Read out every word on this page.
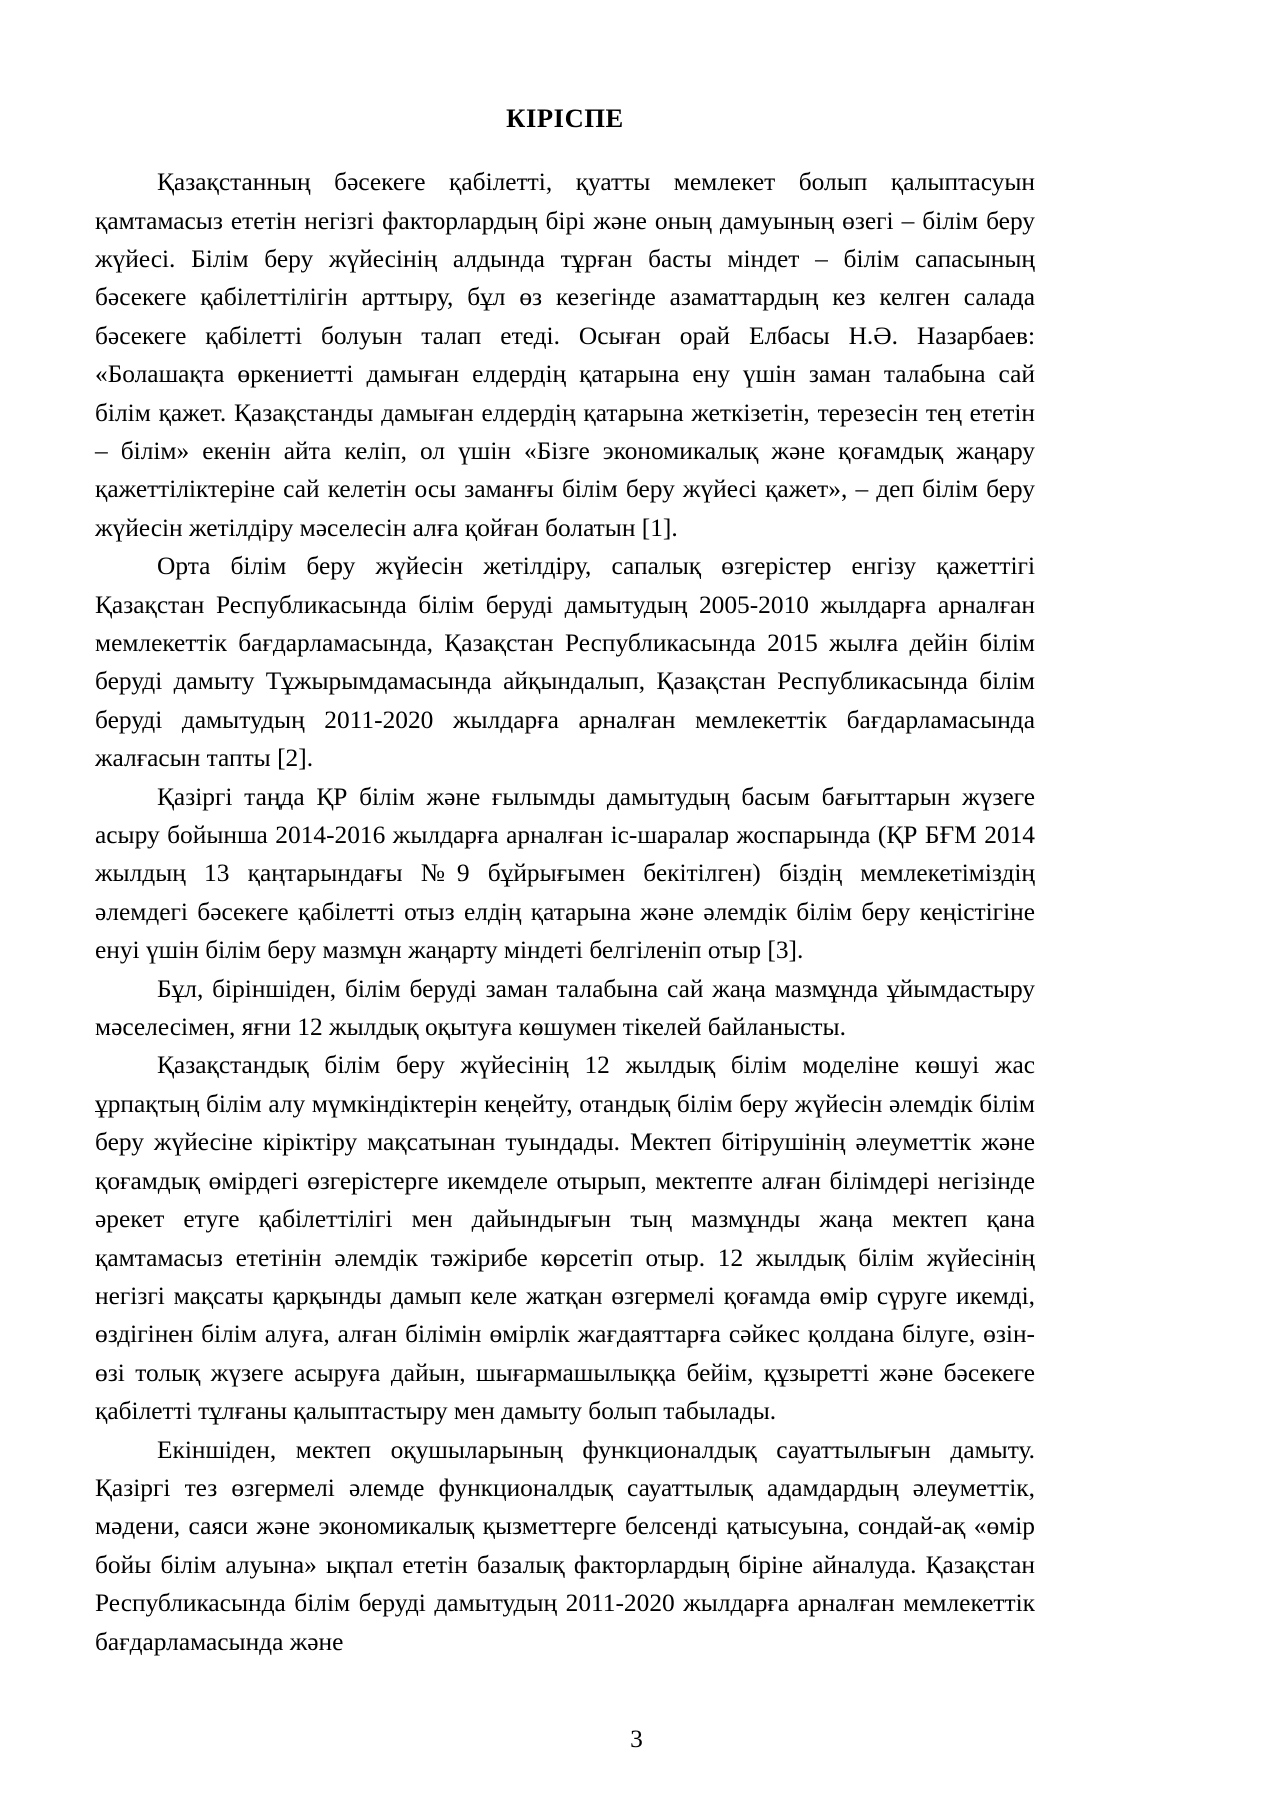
КІРІСПЕ

Қазақстанның бәсекеге қабілетті, қуатты мемлекет болып қалыптасуын қамтамасыз ететін негізгі факторлардың бірі және оның дамуының өзегі – білім беру жүйесі. Білім беру жүйесінің алдында тұрған басты міндет – білім сапасының бәсекеге қабілеттілігін арттыру, бұл өз кезегінде азаматтардың кез келген салада бәсекеге қабілетті болуын талап етеді. Осыған орай Елбасы Н.Ә. Назарбаев: «Болашақта өркениетті дамыған елдердің қатарына ену үшін заман талабына сай білім қажет. Қазақстанды дамыған елдердің қатарына жеткізетін, терезесін тең ететін – білім» екенін айта келіп, ол үшін «Бізге экономикалық және қоғамдық жаңару қажеттіліктеріне сай келетін осы заманғы білім беру жүйесі қажет», – деп білім беру жүйесін жетілдіру мәселесін алға қойған болатын [1].

Орта білім беру жүйесін жетілдіру, сапалық өзгерістер енгізу қажеттігі Қазақстан Республикасында білім беруді дамытудың 2005-2010 жылдарға арналған мемлекеттік бағдарламасында, Қазақстан Республикасында 2015 жылға дейін білім беруді дамыту Тұжырымдамасында айқындалып, Қазақстан Республикасында білім беруді дамытудың 2011-2020 жылдарға арналған мемлекеттік бағдарламасында жалғасын тапты [2].

Қазіргі таңда ҚР білім және ғылымды дамытудың басым бағыттарын жүзеге асыру бойынша 2014-2016 жылдарға арналған іс-шаралар жоспарында (ҚР БҒМ 2014 жылдың 13 қаңтарындағы №9 бұйрығымен бекітілген) біздің мемлекетіміздің әлемдегі бәсекеге қабілетті отыз елдің қатарына және әлемдік білім беру кеңістігіне енуі үшін білім беру мазмұн жаңарту міндеті белгіленіп отыр [3].

Бұл, біріншіден, білім беруді заман талабына сай жаңа мазмұнда ұйымдастыру мәселесімен, яғни 12 жылдық оқытуға көшумен тікелей байланысты.

Қазақстандық білім беру жүйесінің 12 жылдық білім моделіне көшуі жас ұрпақтың білім алу мүмкіндіктерін кеңейту, отандық білім беру жүйесін әлемдік білім беру жүйесіне кіріктіру мақсатынан туындады. Мектеп бітірушінің әлеуметтік және қоғамдық өмірдегі өзгерістерге икемделе отырып, мектепте алған білімдері негізінде әрекет етуге қабілеттілігі мен дайындығын тың мазмұнды жаңа мектеп қана қамтамасыз ететінін әлемдік тәжірибе көрсетіп отыр. 12 жылдық білім жүйесінің негізгі мақсаты қарқынды дамып келе жатқан өзгермелі қоғамда өмір сүруге икемді, өздігінен білім алуға, алған білімін өмірлік жағдаяттарға сәйкес қолдана білуге, өзін-өзі толық жүзеге асыруға дайын, шығармашылыққа бейім, құзыретті және бәсекеге қабілетті тұлғаны қалыптастыру мен дамыту болып табылады.

Екіншіден, мектеп оқушыларының функционалдық сауаттылығын дамыту. Қазіргі тез өзгермелі әлемде функционалдық сауаттылық адамдардың әлеуметтік, мәдени, саяси және экономикалық қызметтерге белсенді қатысуына, сондай-ақ «өмір бойы білім алуына» ықпал ететін базалық факторлардың біріне айналуда. Қазақстан Республикасында білім беруді дамытудың 2011-2020 жылдарға арналған мемлекеттік бағдарламасында және

3
